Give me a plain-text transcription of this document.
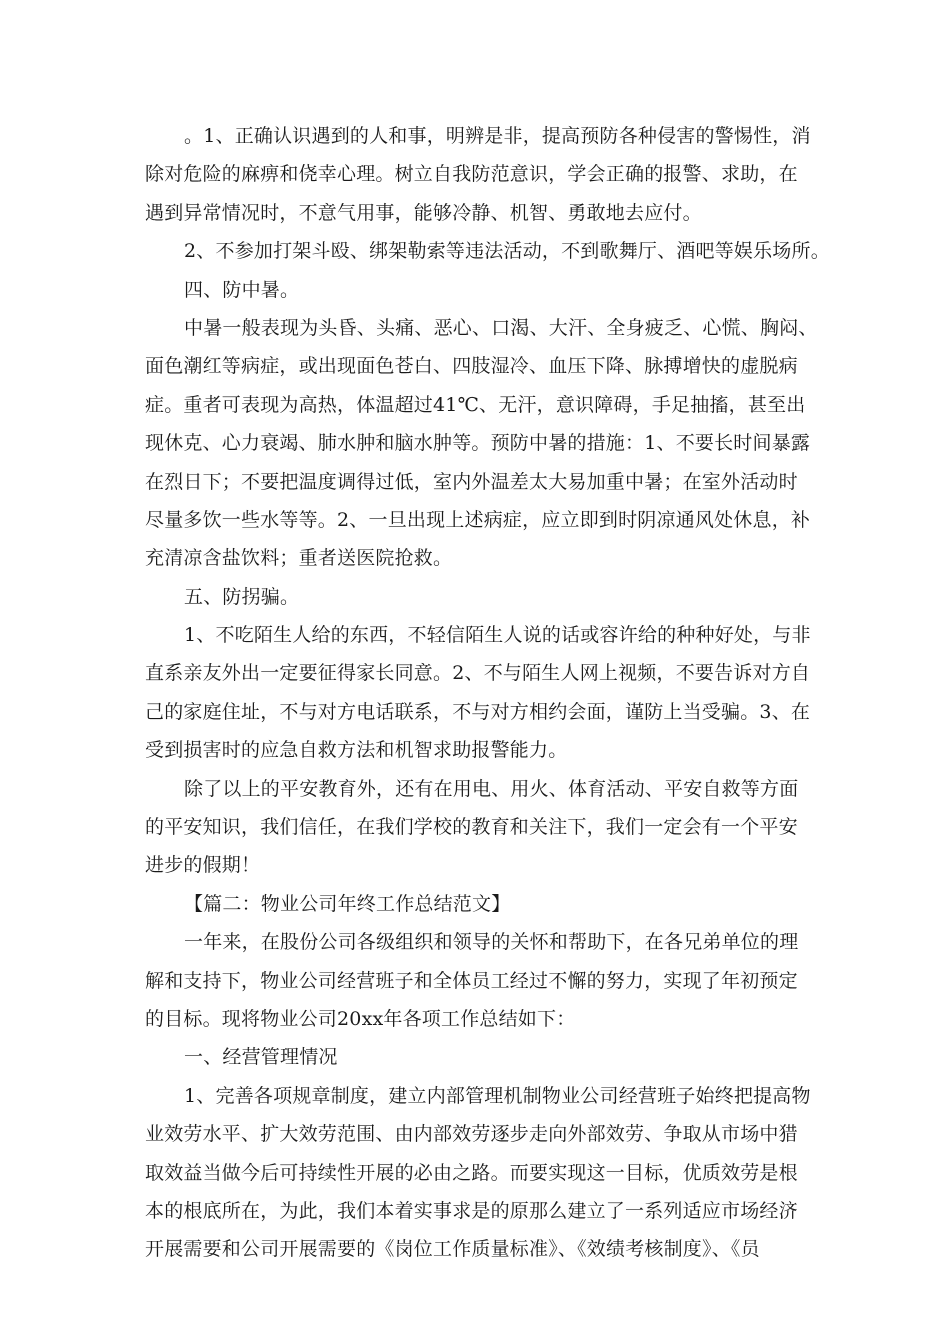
。1、正确认识遇到的人和事，明辨是非，提高预防各种侵害的警惕性，消
除对危险的麻痹和侥幸心理。树立自我防范意识，学会正确的报警、求助，在
遇到异常情况时，不意气用事，能够冷静、机智、勇敢地去应付。
2、不参加打架斗殴、绑架勒索等违法活动，不到歌舞厅、酒吧等娱乐场所。
四、防中暑。
中暑一般表现为头昏、头痛、恶心、口渴、大汗、全身疲乏、心慌、胸闷、
面色潮红等病症，或出现面色苍白、四肢湿冷、血压下降、脉搏增快的虚脱病
症。重者可表现为高热，体温超过41℃、无汗，意识障碍，手足抽搐，甚至出
现休克、心力衰竭、肺水肿和脑水肿等。预防中暑的措施：1、不要长时间暴露
在烈日下；不要把温度调得过低，室内外温差太大易加重中暑；在室外活动时
尽量多饮一些水等等。2、一旦出现上述病症，应立即到时阴凉通风处休息，补
充清凉含盐饮料；重者送医院抢救。
五、防拐骗。
1、不吃陌生人给的东西，不轻信陌生人说的话或容许给的种种好处，与非
直系亲友外出一定要征得家长同意。2、不与陌生人网上视频，不要告诉对方自
己的家庭住址，不与对方电话联系，不与对方相约会面，谨防上当受骗。3、在
受到损害时的应急自救方法和机智求助报警能力。
除了以上的平安教育外，还有在用电、用火、体育活动、平安自救等方面
的平安知识，我们信任，在我们学校的教育和关注下，我们一定会有一个平安
进步的假期！
【篇二：物业公司年终工作总结范文】
一年来，在股份公司各级组织和领导的关怀和帮助下，在各兄弟单位的理
解和支持下，物业公司经营班子和全体员工经过不懈的努力，实现了年初预定
的目标。现将物业公司20xx年各项工作总结如下：
一、经营管理情况
1、完善各项规章制度，建立内部管理机制物业公司经营班子始终把提高物
业效劳水平、扩大效劳范围、由内部效劳逐步走向外部效劳、争取从市场中猎
取效益当做今后可持续性开展的必由之路。而要实现这一目标，优质效劳是根
本的根底所在，为此，我们本着实事求是的原那么建立了一系列适应市场经济
开展需要和公司开展需要的《岗位工作质量标准》、《效绩考核制度》、《员
